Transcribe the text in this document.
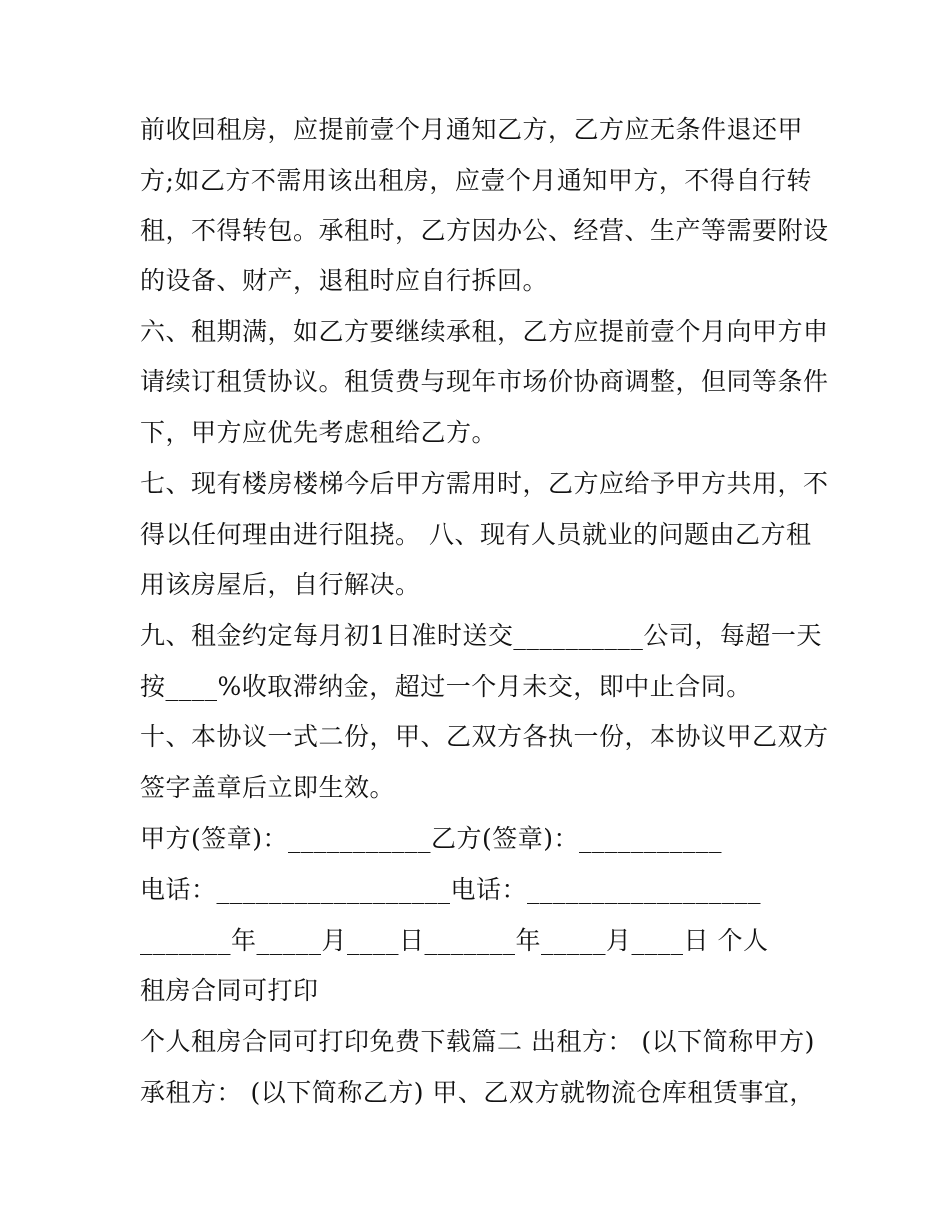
前收回租房，应提前壹个月通知乙方，乙方应无条件退还甲
方;如乙方不需用该出租房，应壹个月通知甲方，不得自行转
租，不得转包。承租时，乙方因办公、经营、生产等需要附设
的设备、财产，退租时应自行拆回。
六、租期满，如乙方要继续承租，乙方应提前壹个月向甲方申
请续订租赁协议。租赁费与现年市场价协商调整，但同等条件
下，甲方应优先考虑租给乙方。
七、现有楼房楼梯今后甲方需用时，乙方应给予甲方共用，不
得以任何理由进行阻挠。 八、现有人员就业的问题由乙方租
用该房屋后，自行解决。
九、租金约定每月初1日准时送交__________公司，每超一天
按____%收取滞纳金，超过一个月未交，即中止合同。
十、本协议一式二份，甲、乙双方各执一份，本协议甲乙双方
签字盖章后立即生效。
甲方(签章)：___________乙方(签章)：___________
电话：__________________电话：__________________
_______年_____月____日_______年_____月____日 个人
租房合同可打印
个人租房合同可打印免费下载篇二 出租方： (以下简称甲方)
承租方： (以下简称乙方) 甲、乙双方就物流仓库租赁事宜，
